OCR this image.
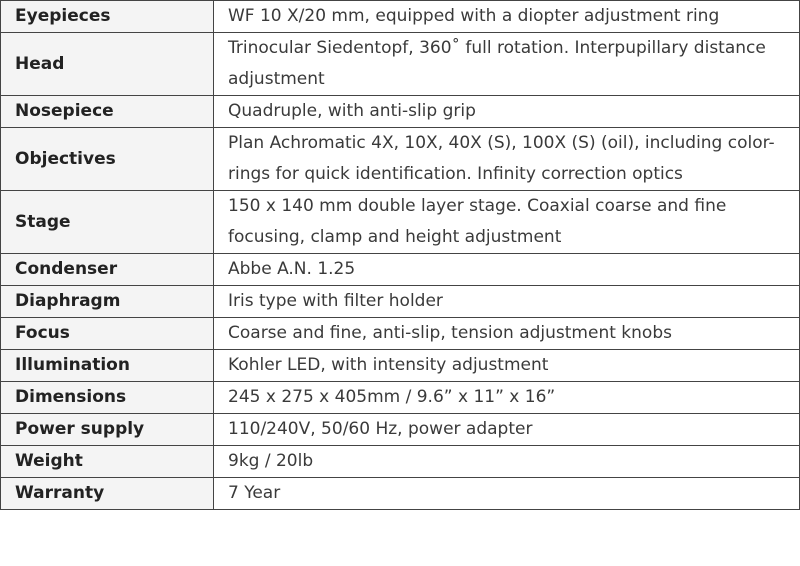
Eyepieces	WF 10 X/20 mm, equipped with a diopter adjustment ring
Head	Trinocular Siedentopf, 360˚ full rotation. Interpupillary distance adjustment
Nosepiece	Quadruple, with anti-slip grip
Objectives	Plan Achromatic 4X, 10X, 40X (S), 100X (S) (oil), including color-rings for quick identification. Infinity correction optics
Stage	150 x 140 mm double layer stage. Coaxial coarse and fine focusing, clamp and height adjustment
Condenser	Abbe A.N. 1.25
Diaphragm	Iris type with filter holder
Focus	Coarse and fine, anti-slip, tension adjustment knobs
Illumination	Kohler LED, with intensity adjustment
Dimensions	245 x 275 x 405mm / 9.6” x 11” x 16”
Power supply	110/240V, 50/60 Hz, power adapter
Weight	9kg / 20lb
Warranty	7 Year
